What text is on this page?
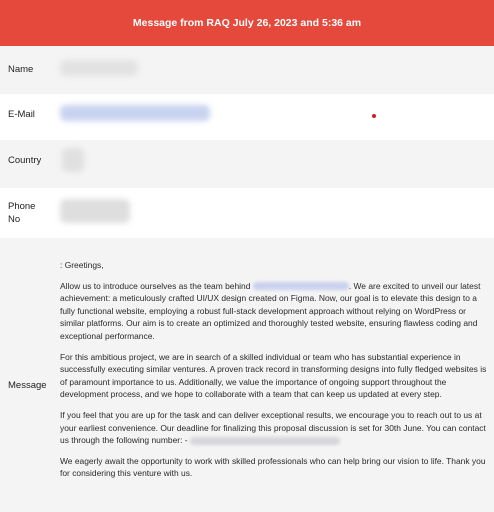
Message from RAQ July 26, 2023 and 5:36 am
Name
E-Mail
Country
Phone
No
Message

: Greetings,

Allow us to introduce ourselves as the team behind	. We are excited to unveil our latest achievement: a meticulously crafted UI/UX design created on Figma. Now, our goal is to elevate this design to a fully functional website, employing a robust full-stack development approach without relying on WordPress or similar platforms. Our aim is to create an optimized and thoroughly tested website, ensuring flawless coding and exceptional performance.

For this ambitious project, we are in search of a skilled individual or team who has substantial experience in successfully executing similar ventures. A proven track record in transforming designs into fully fledged websites is of paramount importance to us. Additionally, we value the importance of ongoing support throughout the development process, and we hope to collaborate with a team that can keep us updated at every step.

If you feel that you are up for the task and can deliver exceptional results, we encourage you to reach out to us at your earliest convenience. Our deadline for finalizing this proposal discussion is set for 30th June. You can contact us through the following number: -

We eagerly await the opportunity to work with skilled professionals who can help bring our vision to life. Thank you for considering this venture with us.
